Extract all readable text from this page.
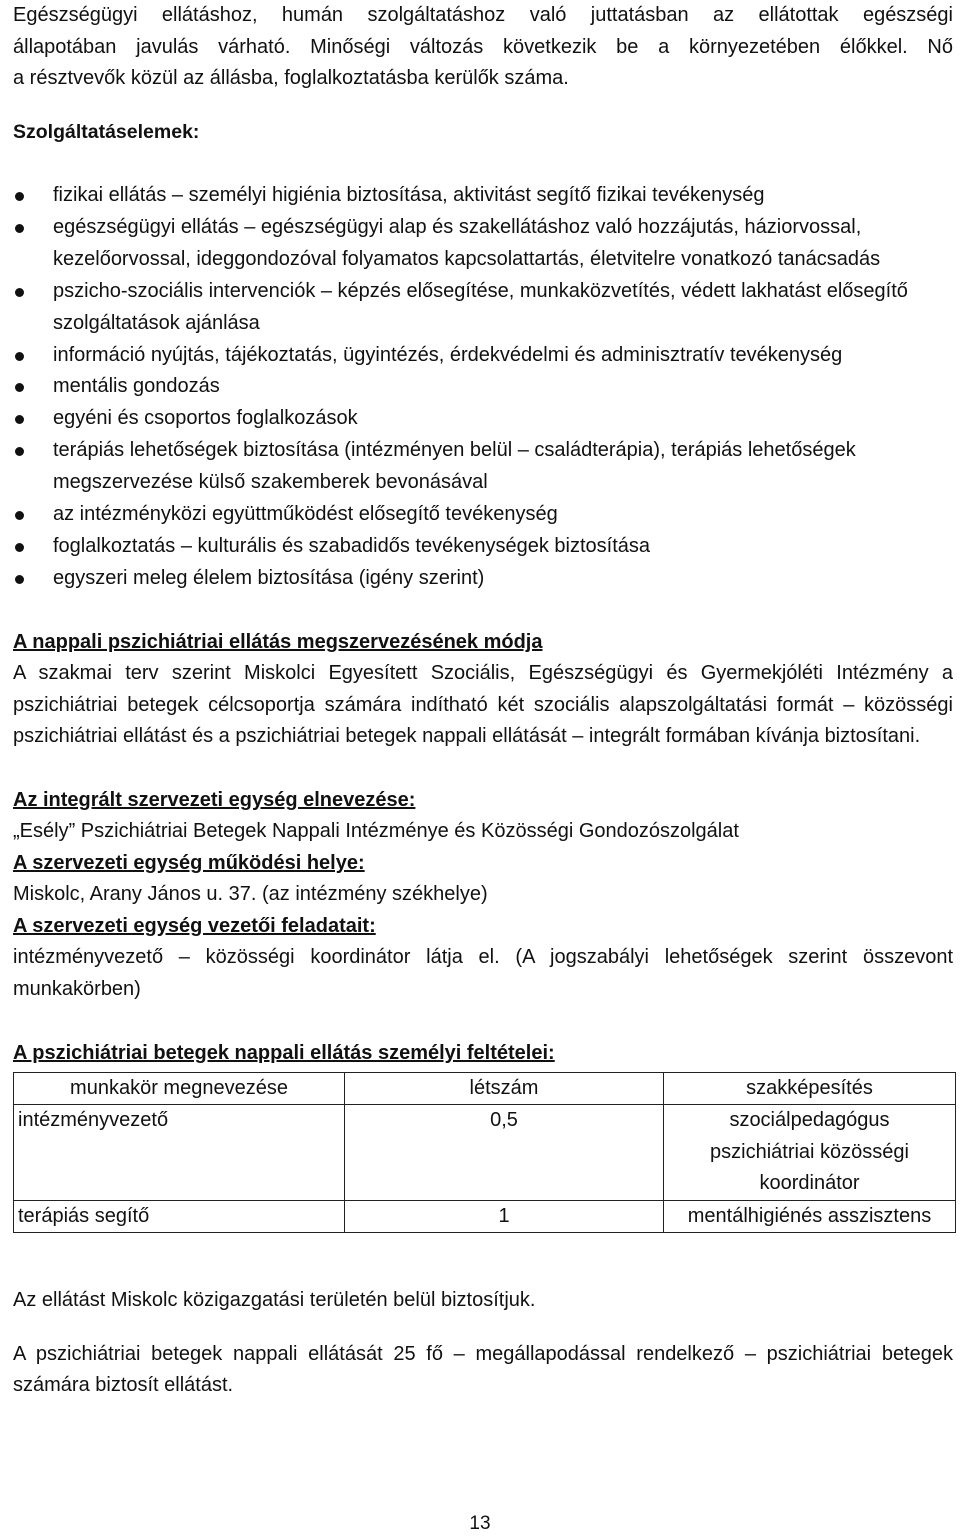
Egészségügyi ellátáshoz, humán szolgáltatáshoz való juttatásban az ellátottak egészségi
állapotában javulás várható. Minőségi változás következik be a környezetében élőkkel. Nő
a résztvevők közül az állásba, foglalkoztatásba kerülők száma.

Szolgáltatáselemek:

fizikai ellátás – személyi higiénia biztosítása, aktivitást segítő fizikai tevékenység
egészségügyi ellátás – egészségügyi alap és szakellátáshoz való hozzájutás, háziorvossal, kezelőorvossal, ideggondozóval folyamatos kapcsolattartás, életvitelre vonatkozó tanácsadás
pszicho-szociális intervenciók – képzés elősegítése, munkaközvetítés, védett lakhatást elősegítő szolgáltatások ajánlása
információ nyújtás, tájékoztatás, ügyintézés, érdekvédelmi és adminisztratív tevékenység
mentális gondozás
egyéni és csoportos foglalkozások
terápiás lehetőségek biztosítása (intézményen belül – családterápia), terápiás lehetőségek megszervezése külső szakemberek bevonásával
az intézményközi együttműködést elősegítő tevékenység
foglalkoztatás – kulturális és szabadidős tevékenységek biztosítása
egyszeri meleg élelem biztosítása (igény szerint)

A nappali pszichiátriai ellátás megszervezésének módja

A szakmai terv szerint Miskolci Egyesített Szociális, Egészségügyi és Gyermekjóléti Intézmény a pszichiátriai betegek célcsoportja számára indítható két szociális alapszolgáltatási formát – közösségi pszichiátriai ellátást és a pszichiátriai betegek nappali ellátását – integrált formában kívánja biztosítani.

Az integrált szervezeti egység elnevezése:

„Esély” Pszichiátriai Betegek Nappali Intézménye és Közösségi Gondozószolgálat

A szervezeti egység működési helye:

Miskolc, Arany János u. 37. (az intézmény székhelye)

A szervezeti egység vezetői feladatait:

intézményvezető – közösségi koordinátor látja el. (A jogszabályi lehetőségek szerint összevont munkakörben)

A pszichiátriai betegek nappali ellátás személyi feltételei:

munkakör megnevezése	létszám	szakképesítés
intézményvezető	0,5	szociálpedagógus
pszichiátriai közösségi
koordinátor

terápiás segítő	1	mentálhigiénés asszisztens

Az ellátást Miskolc közigazgatási területén belül biztosítjuk.

A pszichiátriai betegek nappali ellátását 25 fő – megállapodással rendelkező – pszichiátriai betegek számára biztosít ellátást.

13
